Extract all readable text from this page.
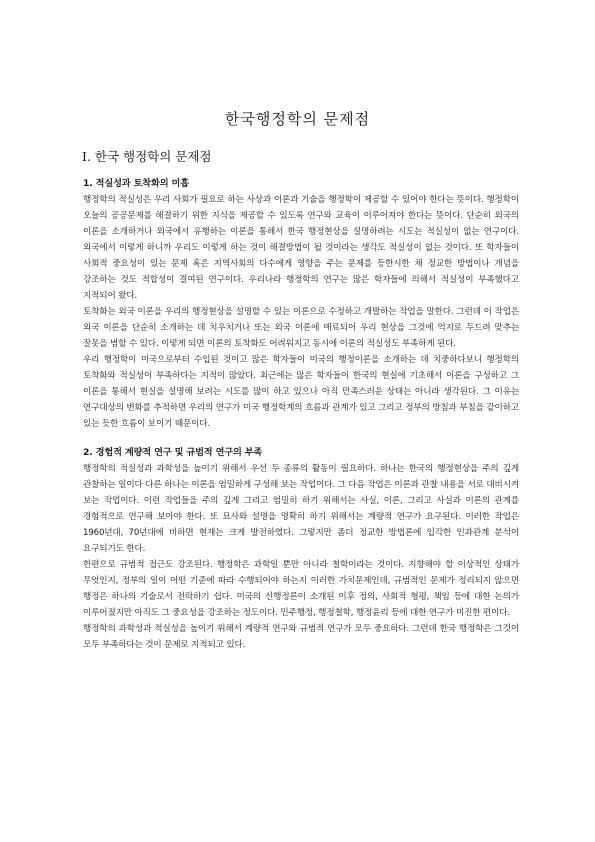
한국행정학의 문제점
Ⅰ. 한국 행정학의 문제점

1. 적실성과 토착화의 미흡

행정학의 적실성은 우리 사회가 필요로 하는 사상과 이론과 기술을 행정학이 제공할 수 있어야 한다는 뜻이다. 행정학이 오늘의 공공문제를 해결하기 위한 지식을 제공할 수 있도록 연구와 교육이 이루어져야 한다는 뜻이다. 단순히 외국의 이론을 소개하거나 외국에서 유행하는 이론을 통해서 한국 행정현상을 설명하려는 시도는 적실성이 없는 연구이다. 외국에서 이렇게 하니까 우리도 이렇게 하는 것이 해결방법이 될 것이라는 생각도 적실성이 없는 것이다. 또 학자들이 사회적 중요성이 있는 문제 혹은 지역사회의 다수에게 영향을 주는 문제를 등한시한 채 정교한 방법이나 개념을 강조하는 것도 적합성이 결여된 연구이다. 우리나라 행정학의 연구는 많은 학자들에 의해서 적실성이 부족했다고 지적되어 왔다.

토착화는 외국 이론을 우리의 행정현상을 설명할 수 있는 이론으로 수정하고 개발하는 작업을 말한다. 그런데 이 작업은 외국 이론을 단순히 소개하는 데 치우치거나 또는 외국 이론에 매료되어 우리 현상을 그것에 억지로 두드려 맞추는 잘못을 범할 수 있다. 이렇게 되면 이론의 토착화도 어려워지고 동시에 이론의 적실성도 부족하게 된다.

우리 행정학이 미국으로부터 수입된 것이고 많은 학자들이 미국의 행정이론을 소개하는 데 치중하다보니 행정학의 토착화와 적실성이 부족하다는 지적이 많았다. 최근에는 많은 학자들이 한국의 현실에 기초해서 이론을 구성하고 그 이론을 통해서 현실을 설명해 보려는 시도를 많이 하고 있으나 아직 만족스러운 상태는 아니라 생각된다. 그 이유는 연구대상의 변화를 추적하면 우리의 연구가 미국 행정학계의 흐름과 관계가 있고 그리고 정부의 방침과 부침을 같이하고 있는 듯한 흐름이 보이기 때문이다.

2. 경험적 계량적 연구 및 규범적 연구의 부족

행정학의 적실성과 과학성을 높이기 위해서 우선 두 종류의 활동이 필요하다. 하나는 한국의 행정현상을 주의 깊게 관찰하는 일이다 다른 하나는 이론을 엄밀하게 구성해 보는 작업이다. 그 다음 작업은 이론과 관찰 내용을 서로 대비시켜 보는 작업이다. 이런 작업들을 주의 깊게 그리고 엄밀히 하기 위해서는 사실, 이론, 그리고 사실과 이론의 관계를 경험적으로 연구해 보아야 한다. 또 묘사와 설명을 명확히 하기 위해서는 계량적 연구가 요구된다. 이러한 작업은 1960년대, 70년대에 비하면 현재는 크게 발전하였다. 그렇지만 좀더 정교한 방법론에 입각한 인과관계 분석이 요구되기도 한다.

한편으로 규범적 접근도 강조된다. 행정학은 과학일 뿐만 아니라 철학이라는 것이다. 지향해야 할 이상적인 상태가 무엇인지, 정부의 일이 어떤 기준에 따라 수행되어야 하는지 이러한 가치문제인데, 규범적인 문제가 정리되지 않으면 행정은 하나의 기술로서 전락하기 쉽다. 미국의 신행정론이 소개된 이후 정의, 사회적 형평, 책임 등에 대한 논의가 이루어졌지만 아직도 그 중요성을 강조하는 정도이다. 민주행정, 행정철학, 행정윤리 등에 대한 연구가 미진한 편이다.

행정학의 과학성과 적실성을 높이기 위해서 계량적 연구와 규범적 연구가 모두 중요하다. 그런데 한국 행정학은 그것이 모두 부족하다는 것이 문제로 지적되고 있다.
